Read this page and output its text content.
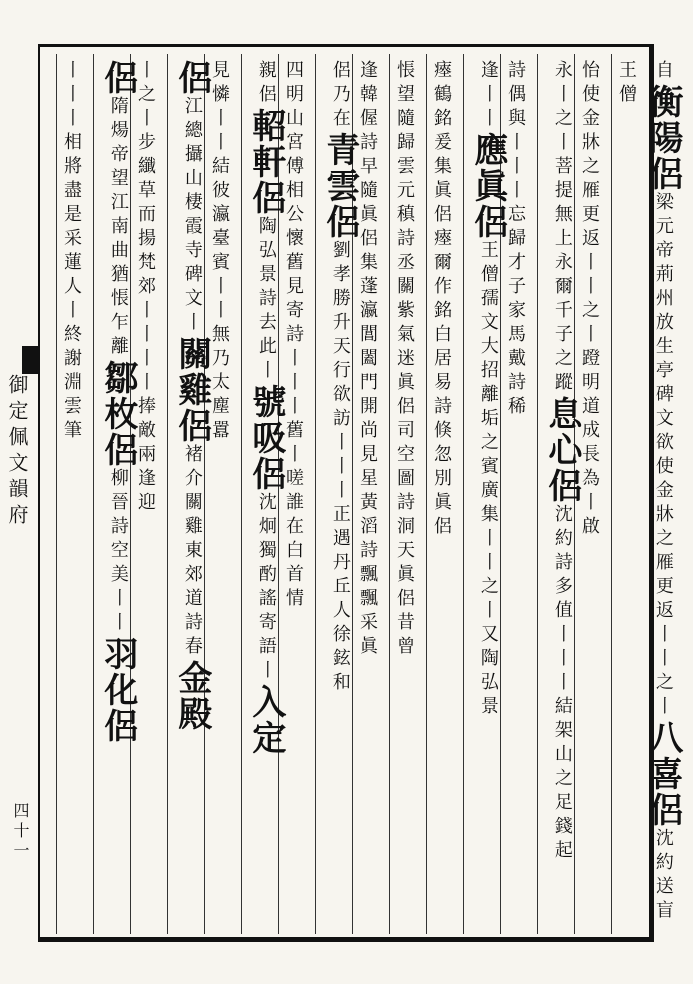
御定佩文韻府
四十一
自衡陽侶梁元帝荊州放生亭碑文欲使金牀之雁更返丨丨之丨八喜侶沈約送盲王僧
怡使金牀之雁更返丨丨之丨蹬明道成長為丨啟
永丨之丨菩提無上永爾千子之蹤息心侶沈約詩多值丨丨丨結架山之足錢起
詩偶與丨丨丨忘歸才子家馬戴詩稀
逢丨丨應眞侶王僧孺文大招離垢之賓廣集丨丨之丨又陶弘景
瘞鶴銘爰集眞侶瘞爾作銘白居易詩倏忽別眞侶
悵望隨歸雲元稹詩丞關紫氣迷眞侶司空圖詩洞天眞侶昔曾
逢韓偓詩早隨眞侶集蓬瀛閶闔門開尚見星黃滔詩飄飄采眞
侶乃在青雲侶劉孝勝升天行欲訪丨丨丨正遇丹丘人徐鉉和
四明山宮傅相公懷舊見寄詩丨丨丨舊丨嗟誰在白首情
親侶軺軒侶陶弘景詩去此丨號吸侶沈炯獨酌謠寄語丨入定
見憐丨丨結彼瀛臺賓丨丨無乃太塵囂
侶江總攝山棲霞寺碑文丨關雞侶褚介關雞東郊道詩春金殿
丨之丨步纖草而揚梵郊丨丨丨丨捧敵兩逢迎
侶隋煬帝望江南曲猶悵乍離鄒枚侶柳晉詩空美丨丨羽化侶
丨丨丨相將盡是采蓮人丨終謝淵雲筆
